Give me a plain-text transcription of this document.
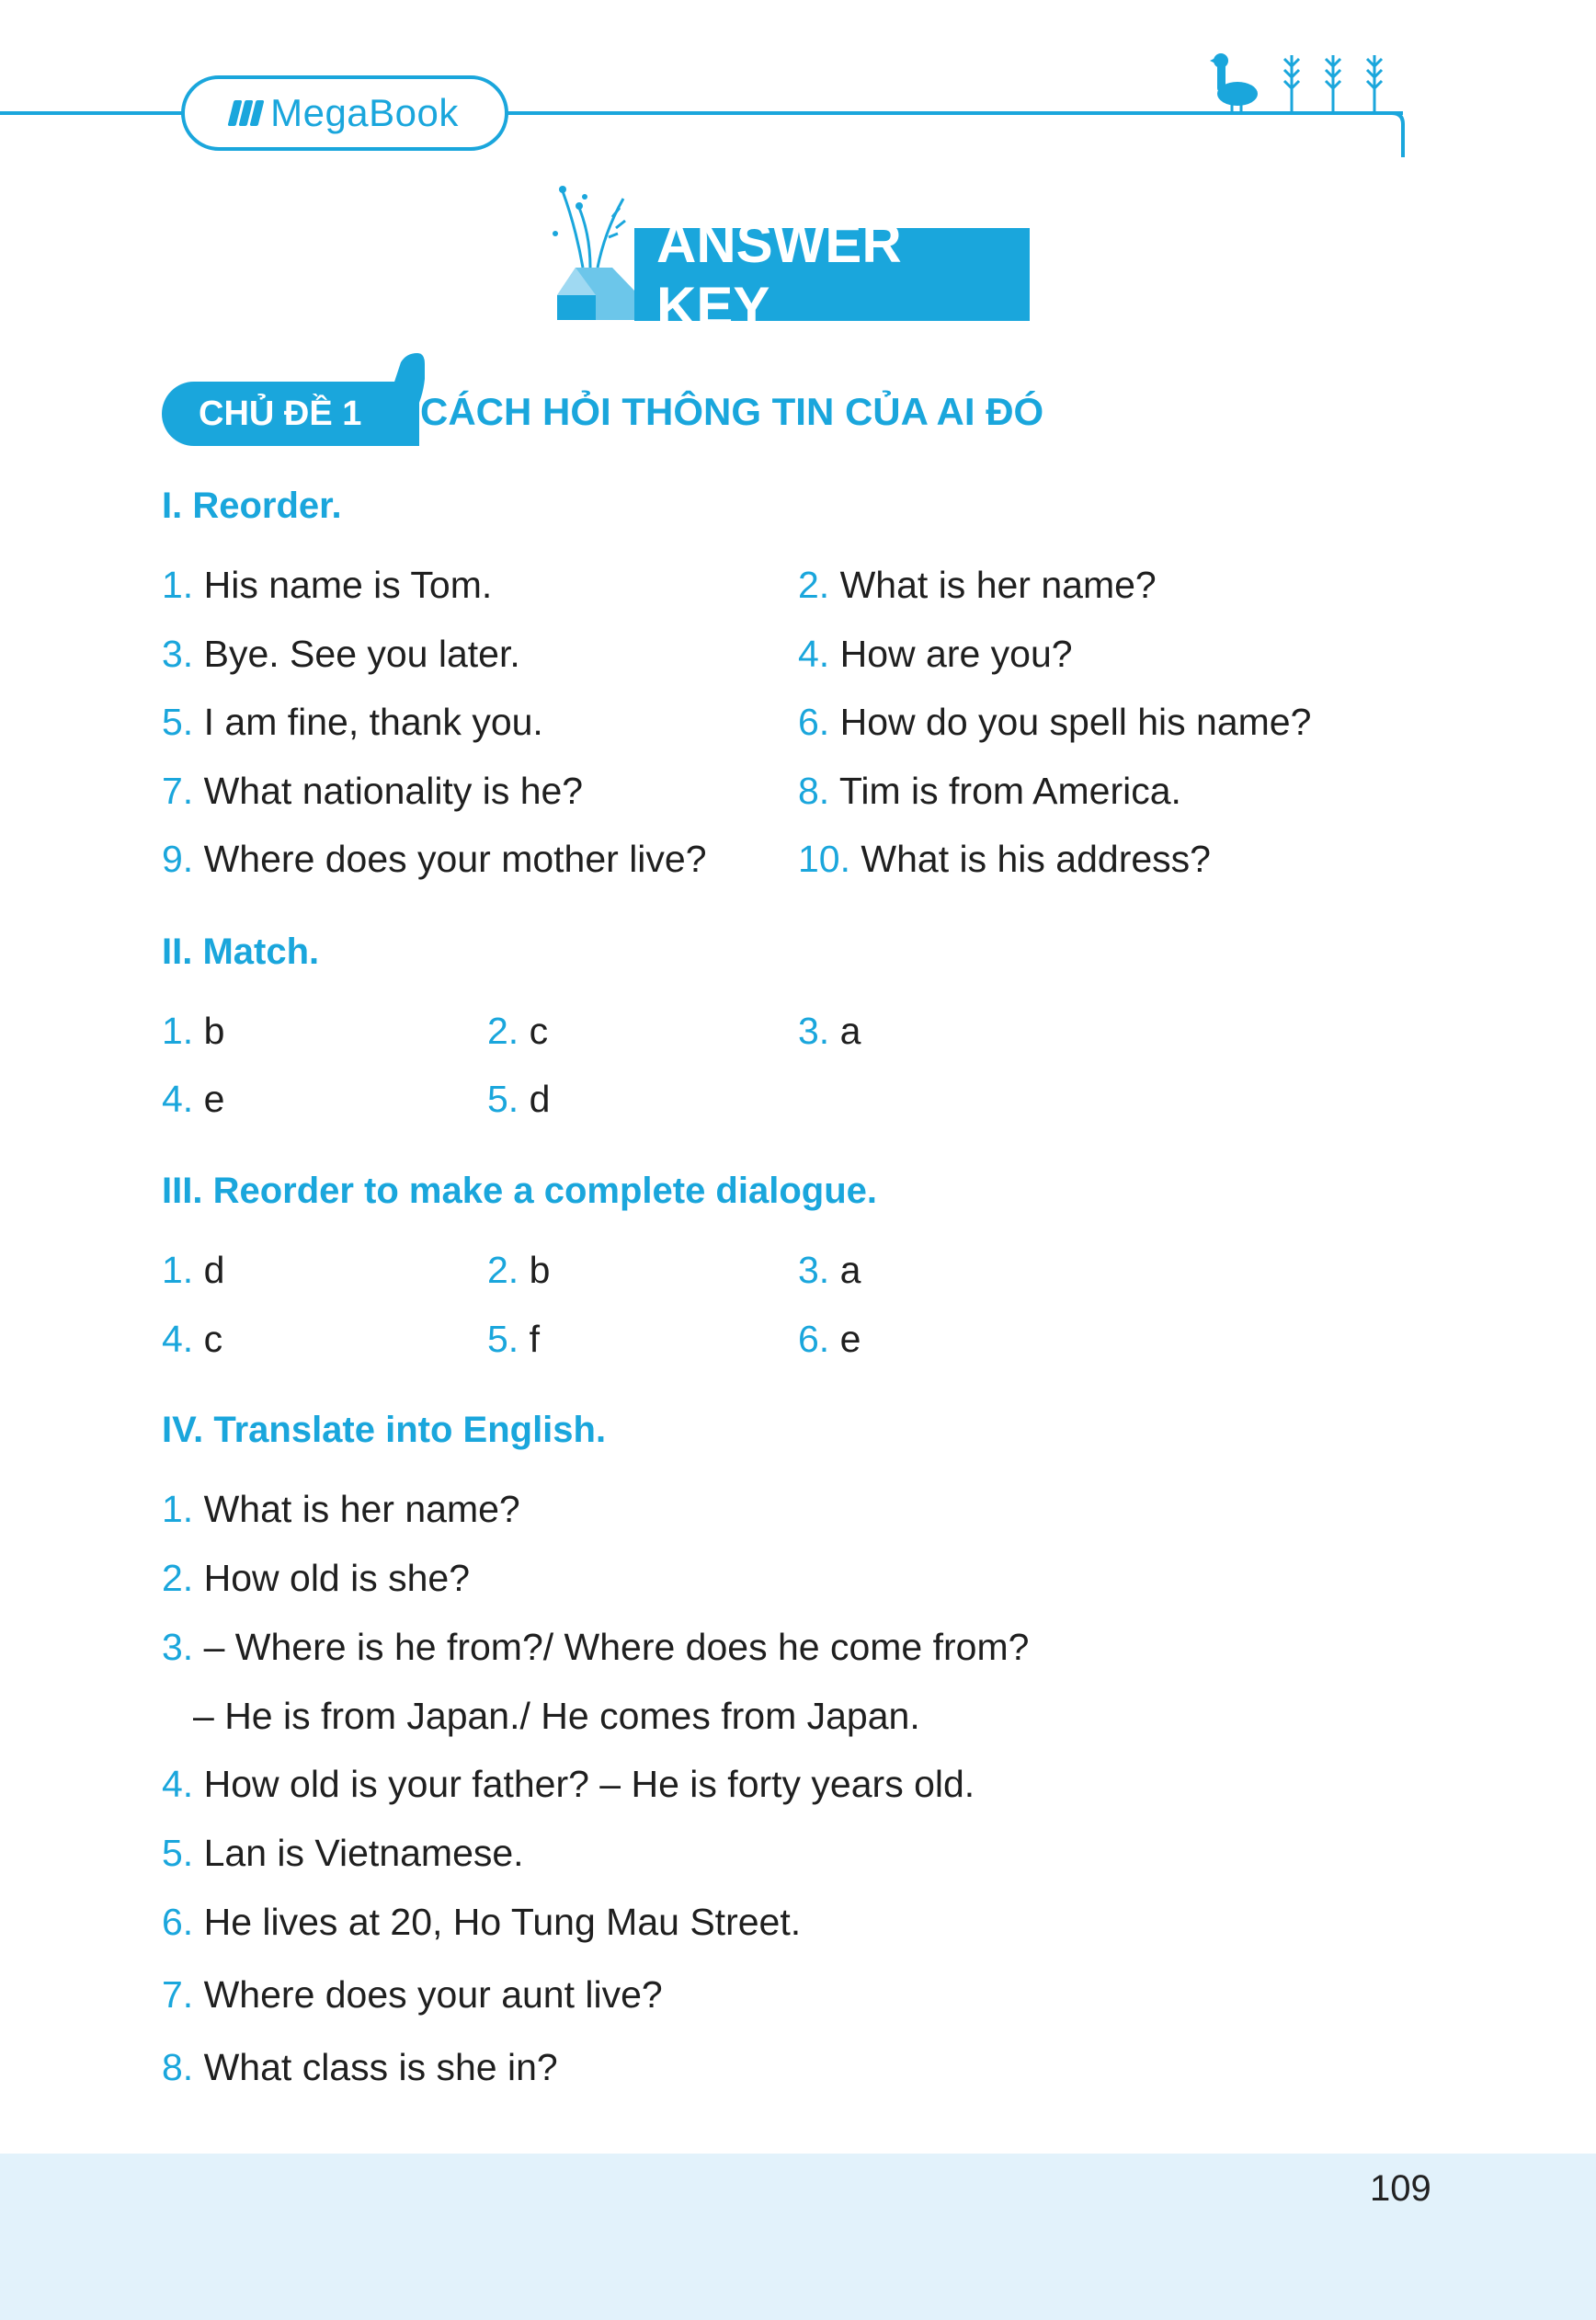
MegaBook
ANSWER KEY
CHỦ ĐỀ 1	CÁCH HỎI THÔNG TIN CỦA AI ĐÓ
I. Reorder.
1. His name is Tom.	2. What is her name?
3. Bye. See you later.	4. How are you?
5. I am fine, thank you.	6. How do you spell his name?
7. What nationality is he?	8. Tim is from America.
9. Where does your mother live? 10. What is his address?
II. Match.
1. b	2. c	3. a
4. e	5. d
III. Reorder to make a complete dialogue.
1. d	2. b	3. a
4. c	5. f	6. e
IV. Translate into English.
1. What is her name?
2. How old is she?
3. – Where is he from?/ Where does he come from?
– He is from Japan./ He comes from Japan.
4. How old is your father? – He is forty years old.
5. Lan is Vietnamese.
6. He lives at 20, Ho Tung Mau Street.
7. Where does your aunt live?
8. What class is she in?
109
